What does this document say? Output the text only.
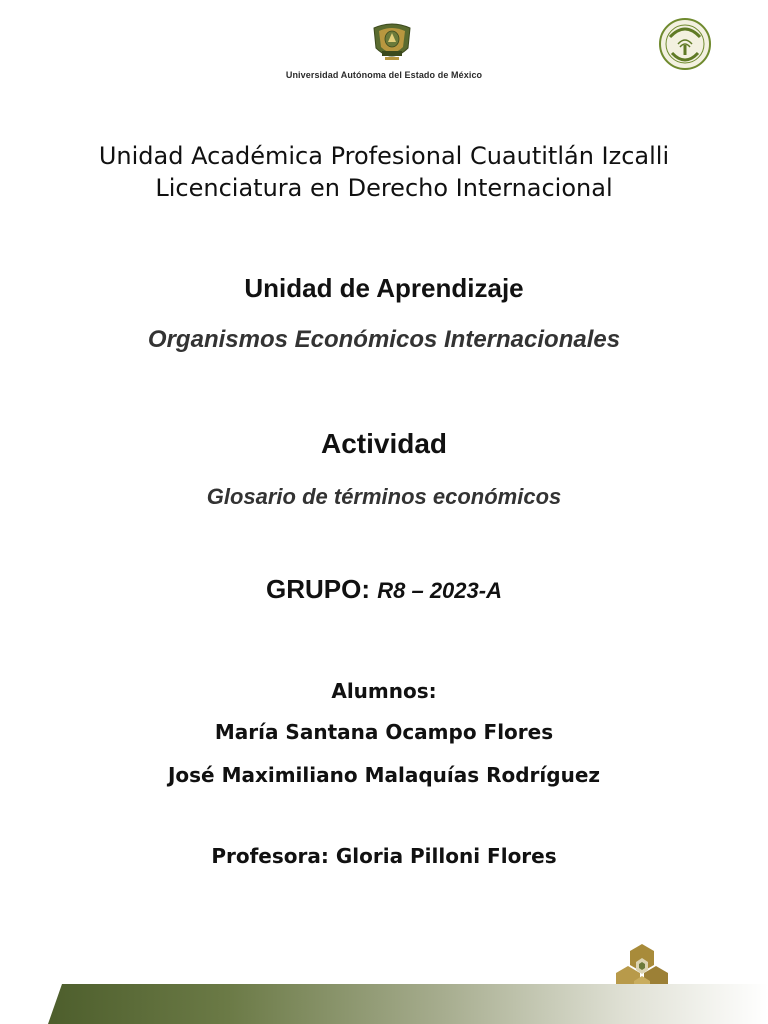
Universidad Autónoma del Estado de México
Unidad Académica Profesional Cuautitlán Izcalli
Licenciatura en Derecho Internacional
Unidad de Aprendizaje
Organismos Económicos Internacionales
Actividad
Glosario de términos económicos
GRUPO: R8 – 2023-A
Alumnos:
María Santana Ocampo Flores
José Maximiliano Malaquías Rodríguez
Profesora: Gloria Pilloni Flores
